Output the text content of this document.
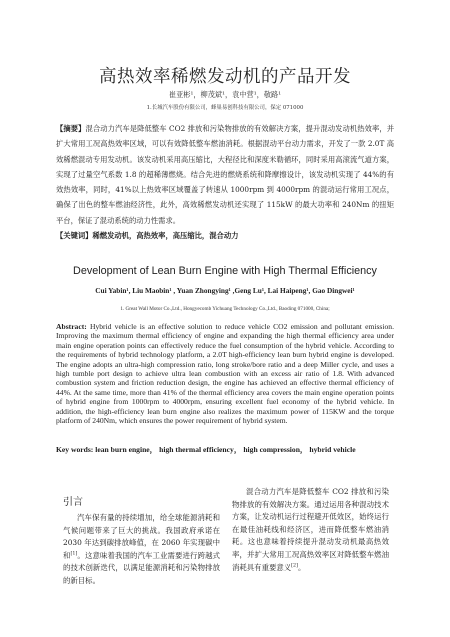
高热效率稀燃发动机的产品开发
崔亚彬¹，柳茂斌¹，袁中营¹，敬路¹
1.长城汽车股份有限公司，蜂巢易创科技有限公司，保定 071000
【摘要】混合动力汽车是降低整车 CO2 排放和污染物排放的有效解决方案，提升混动发动机热效率，并扩大常用工况高热效率区域，可以有效降低整车燃油消耗。根据混动平台动力需求，开发了一款 2.0T 高效稀燃混动专用发动机。该发动机采用高压缩比，大程径比和深度米勒循环，同时采用高滚流气道方案，实现了过量空气系数 1.8 的超稀薄燃烧。结合先进的燃烧系统和降摩擦设计，该发动机实现了 44%的有效热效率，同时，41%以上热效率区域覆盖了转速从 1000rpm 到 4000rpm 的混动运行常用工况点，确保了出色的整车燃油经济性，此外，高效稀燃发动机还实现了 115kW 的最大功率和 240Nm 的扭矩平台，保证了混动系统的动力性需求。
【关键词】稀燃发动机，高热效率，高压缩比，混合动力
Development of Lean Burn Engine with High Thermal Efficiency
Cui Yabin¹, Liu Maobin¹ , Yuan Zhongying¹ ,Geng Lu¹, Lai Haipeng¹, Gao Dingwei¹
1. Great Wall Motor Co.,Ltd., Hongyecomb Yichuang Technology Co.,Ltd., Baoding 071000, China;
Abstract: Hybrid vehicle is an effective solution to reduce vehicle CO2 emission and pollutant emission. Improving the maximum thermal efficiency of engine and expanding the high thermal efficiency area under main engine operation points can effectively reduce the fuel consumption of the hybrid vehicle. According to the requirements of hybrid technology platform, a 2.0T high-efficiency lean burn hybrid engine is developed. The engine adopts an ultra-high compression ratio, long stroke/bore ratio and a deep Miller cycle, and uses a high tumble port design to achieve ultra lean combustion with an excess air ratio of 1.8. With advanced combustion system and friction reduction design, the engine has achieved an effective thermal efficiency of 44%. At the same time, more than 41% of the thermal efficiency area covers the main engine operation points of hybrid engine from 1000rpm to 4000rpm, ensuring excellent fuel economy of the hybrid vehicle. In addition, the high-efficiency lean burn engine also realizes the maximum power of 115KW and the torque platform of 240Nm, which ensures the power requirement of hybrid system.
Key words: lean burn engine， high thermal efficiency， high compression， hybrid vehicle
引言
汽车保有量的持续增加，给全球能源消耗和气候问题带来了巨大的挑战。我国政府承诺在 2030 年达到碳排放峰值，在 2060 年实现碳中和[1]。这意味着我国的汽车工业需要进行跨越式的技术创新迭代，以满足能源消耗和污染物排放的新目标。
混合动力汽车是降低整车 CO2 排放和污染物排放的有效解决方案。通过运用各种混动技术方案，让发动机运行过程避开低效区，始终运行在最佳油耗线和经济区，进而降低整车燃油消耗。这也意味着持续提升混动发动机最高热效率，并扩大常用工况高热效率区对降低整车燃油消耗具有重要意义[2]。
